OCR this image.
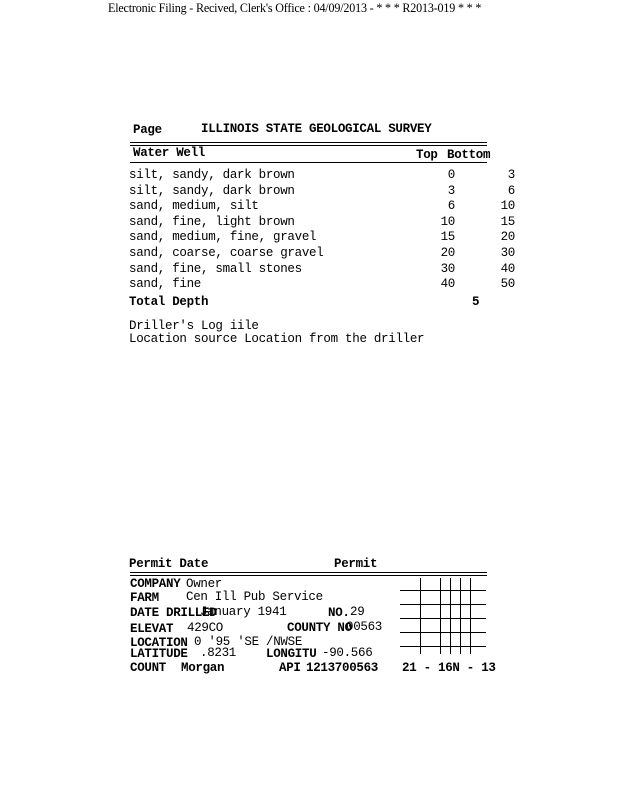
Electronic Filing - Recived, Clerk's Office : 04/09/2013 - * * * R2013-019 * * *
Page	ILLINOIS STATE GEOLOGICAL SURVEY
Water Well	Top Bottom
silt, sandy, dark brown	0	3
silt, sandy, dark brown	3	6
sand, medium, silt	6	10
sand, fine, light brown	10	15
sand, medium, fine, gravel	15	20
sand, coarse, coarse gravel	20	30
sand, fine, small stones	30	40
sand, fine	40	50
Total Depth	5
Driller's Log iile
Location source Location from the driller
Permit Date	Permit
COMPANY Owner
FARM Cen Ill Pub Service
DATE DRILLED
January 1941	NO. 29
ELEVAT 429CO	COUNTY NO
00563
LOCATION 0 '95 'SE /NWSE
LATITUDE .8231 LONGITU -90.566
COUNT Morgan	API 1213700563 21 - 16N - 13
